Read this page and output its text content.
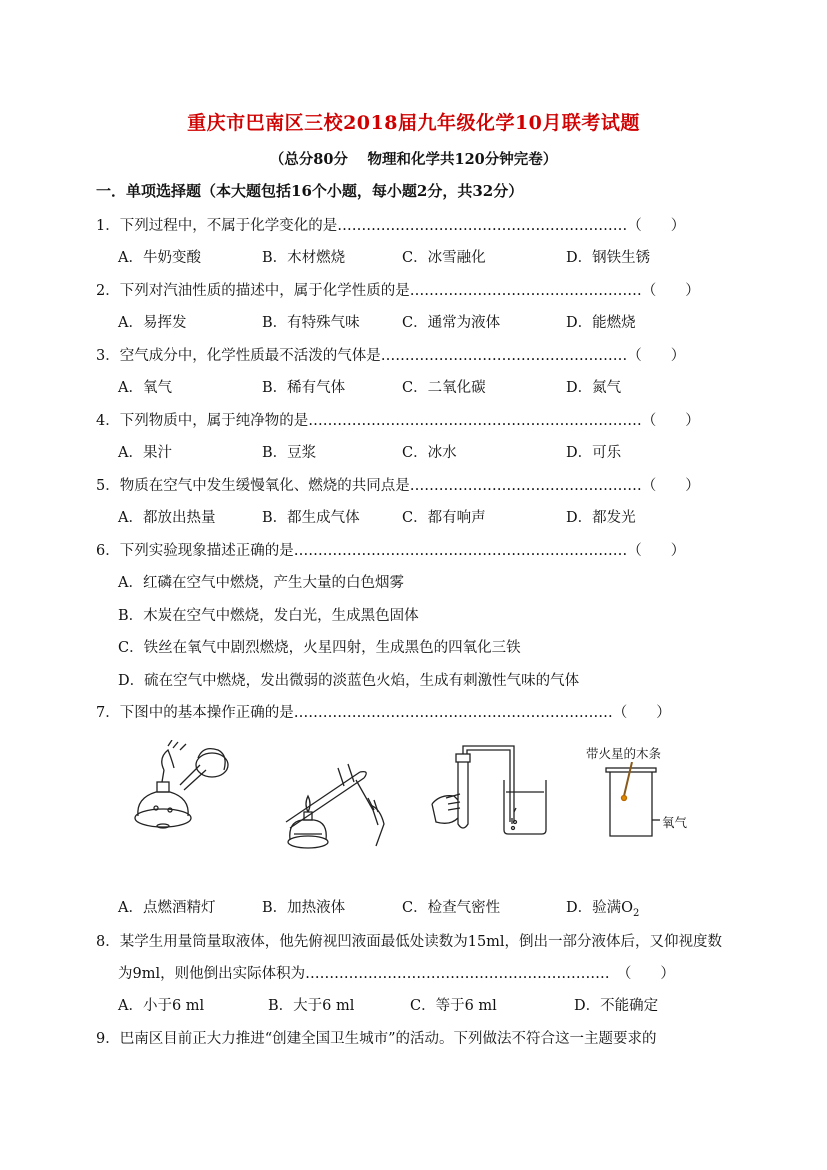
重庆市巴南区三校2018届九年级化学10月联考试题
（总分80分　 物理和化学共120分钟完卷）
一．单项选择题（本大题包括16个小题，每小题2分，共32分）
1．下列过程中，不属于化学变化的是……………………………………………………（　　）
A．牛奶变酸	B．木材燃烧	C．冰雪融化	D．钢铁生锈
2．下列对汽油性质的描述中，属于化学性质的是…………………………………………（　　）
A．易挥发	B．有特殊气味	C．通常为液体	D．能燃烧
3．空气成分中，化学性质最不活泼的气体是……………………………………………（　　）
A．氧气	B．稀有气体	C．二氧化碳	D．氮气
4．下列物质中，属于纯净物的是……………………………………………………………（　　）
A．果汁	B．豆浆	C．冰水	D．可乐
5．物质在空气中发生缓慢氧化、燃烧的共同点是…………………………………………（　　）
A．都放出热量	B．都生成气体	C．都有响声	D．都发光
6．下列实验现象描述正确的是……………………………………………………………（　　）
A．红磷在空气中燃烧，产生大量的白色烟雾
B．木炭在空气中燃烧，发白光，生成黑色固体
C．铁丝在氧气中剧烈燃烧，火星四射，生成黑色的四氧化三铁
D．硫在空气中燃烧，发出微弱的淡蓝色火焰，生成有刺激性气味的气体
7．下图中的基本操作正确的是…………………………………………………………（　　）
带火星的木条
氧气
A．点燃酒精灯	B．加热液体	C．检查气密性	D．验满$O_2$
8．某学生用量筒量取液体，他先俯视凹液面最低处读数为15ml，倒出一部分液体后，又仰视度数
为9ml，则他倒出实际体积为………………………………………………………　（　　）
A．小于6 ml	B．大于6 ml	C．等于6 ml	D．不能确定
9．巴南区目前正大力推进“创建全国卫生城市”的活动。下列做法不符合这一主题要求的
